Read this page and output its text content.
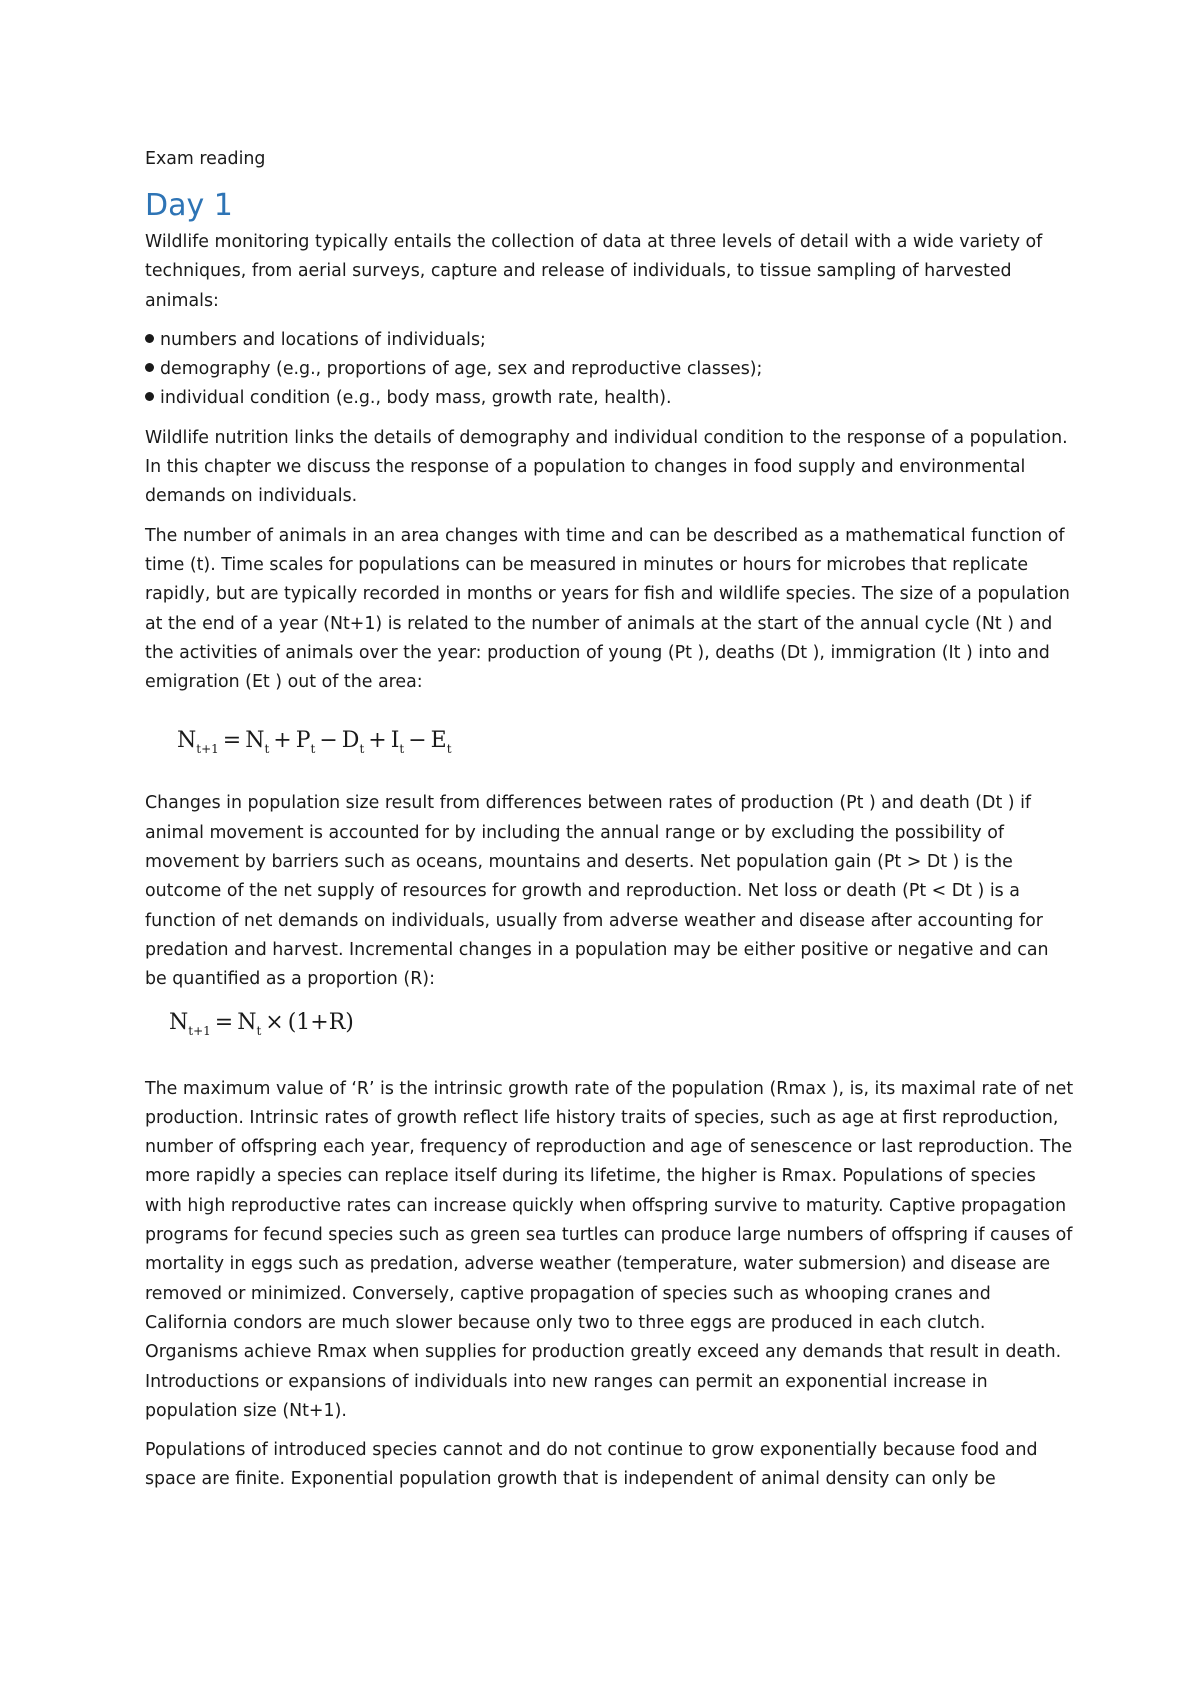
Exam reading

Day 1

Wildlife monitoring typically entails the collection of data at three levels of detail with a wide variety of techniques, from aerial surveys, capture and release of individuals, to tissue sampling of harvested animals:

numbers and locations of individuals;
demography (e.g., proportions of age, sex and reproductive classes);
individual condition (e.g., body mass, growth rate, health).

Wildlife nutrition links the details of demography and individual condition to the response of a population. In this chapter we discuss the response of a population to changes in food supply and environmental demands on individuals.

The number of animals in an area changes with time and can be described as a mathematical function of time (t). Time scales for populations can be measured in minutes or hours for microbes that replicate rapidly, but are typically recorded in months or years for fish and wildlife species. The size of a population at the end of a year (Nt+1) is related to the number of animals at the start of the annual cycle (Nt ) and the activities of animals over the year: production of young (Pt ), deaths (Dt ), immigration (It ) into and emigration (Et ) out of the area:

$N_{t+1} = N_t + P_t - D_t + I_t - E_t$

Changes in population size result from differences between rates of production (Pt ) and death (Dt ) if animal movement is accounted for by including the annual range or by excluding the possibility of movement by barriers such as oceans, mountains and deserts. Net population gain (Pt > Dt ) is the outcome of the net supply of resources for growth and reproduction. Net loss or death (Pt < Dt ) is a function of net demands on individuals, usually from adverse weather and disease after accounting for predation and harvest. Incremental changes in a population may be either positive or negative and can be quantified as a proportion (R):

$N_{t+1} = N_t \times (1+R)$

The maximum value of ‘R’ is the intrinsic growth rate of the population (Rmax ), is, its maximal rate of net production. Intrinsic rates of growth reflect life history traits of species, such as age at first reproduction, number of offspring each year, frequency of reproduction and age of senescence or last reproduction. The more rapidly a species can replace itself during its lifetime, the higher is Rmax. Populations of species with high reproductive rates can increase quickly when offspring survive to maturity. Captive propagation programs for fecund species such as green sea turtles can produce large numbers of offspring if causes of mortality in eggs such as predation, adverse weather (temperature, water submersion) and disease are removed or minimized. Conversely, captive propagation of species such as whooping cranes and California condors are much slower because only two to three eggs are produced in each clutch. Organisms achieve Rmax when supplies for production greatly exceed any demands that result in death. Introductions or expansions of individuals into new ranges can permit an exponential increase in population size (Nt+1).

Populations of introduced species cannot and do not continue to grow exponentially because food and space are finite. Exponential population growth that is independent of animal density can only be
